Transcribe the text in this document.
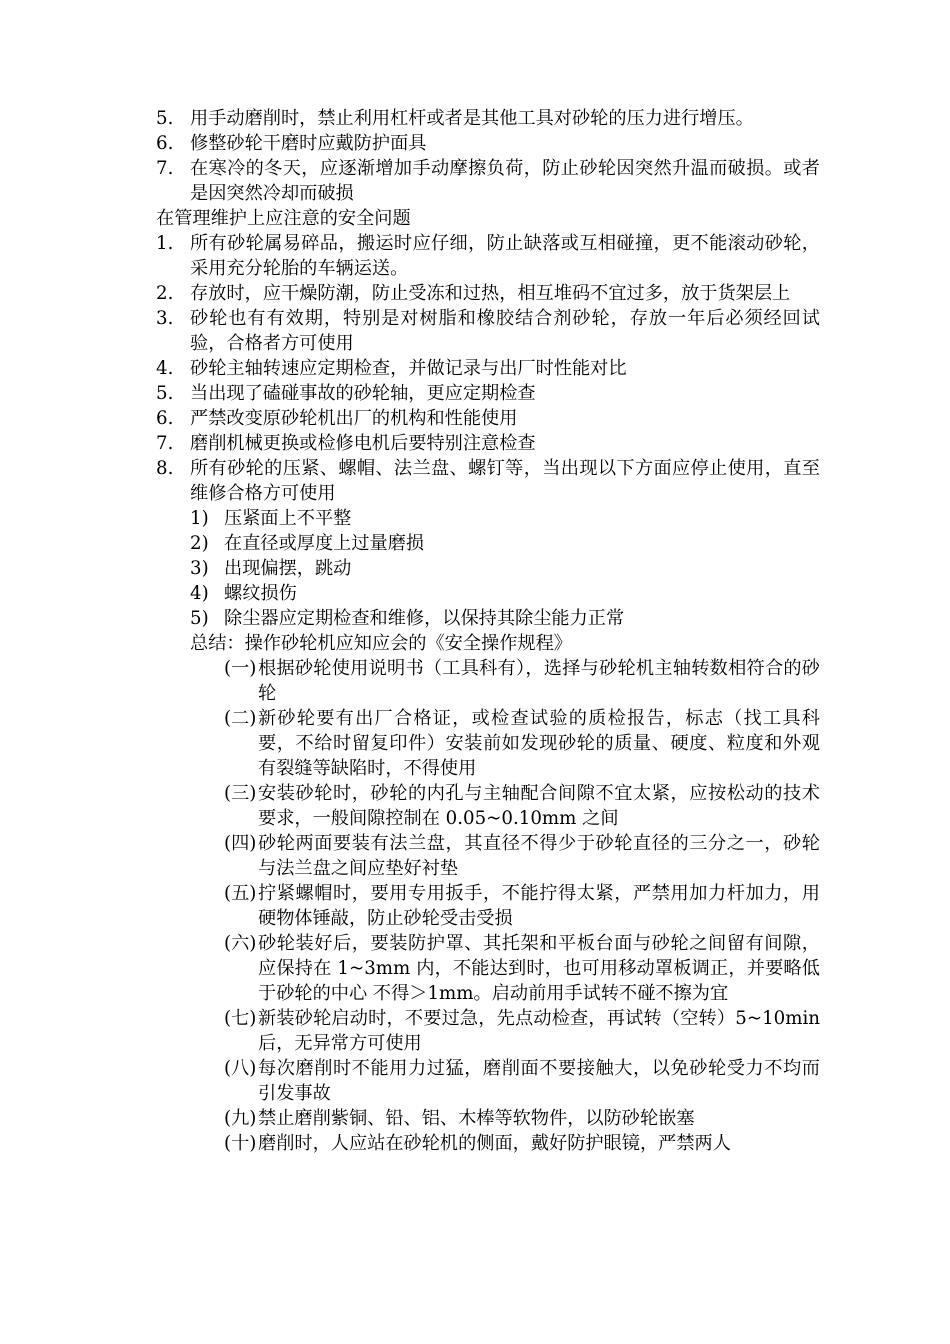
5. 用手动磨削时，禁止利用杠杆或者是其他工具对砂轮的压力进行增压。

6. 修整砂轮干磨时应戴防护面具

7. 在寒冷的冬天，应逐渐增加手动摩擦负荷，防止砂轮因突然升温而破损。或者是因突然冷却而破损

在管理维护上应注意的安全问题

1. 所有砂轮属易碎品，搬运时应仔细，防止缺落或互相碰撞，更不能滚动砂轮，采用充分轮胎的车辆运送。

2. 存放时，应干燥防潮，防止受冻和过热，相互堆码不宜过多，放于货架层上

3. 砂轮也有有效期，特别是对树脂和橡胶结合剂砂轮，存放一年后必须经回试验，合格者方可使用

4. 砂轮主轴转速应定期检查，并做记录与出厂时性能对比

5. 当出现了磕碰事故的砂轮轴，更应定期检查

6. 严禁改变原砂轮机出厂的机构和性能使用

7. 磨削机械更换或检修电机后要特别注意检查

8. 所有砂轮的压紧、螺帽、法兰盘、螺钉等，当出现以下方面应停止使用，直至维修合格方可使用

1) 压紧面上不平整

2) 在直径或厚度上过量磨损

3) 出现偏摆，跳动

4) 螺纹损伤

5) 除尘器应定期检查和维修，以保持其除尘能力正常

总结：操作砂轮机应知应会的《安全操作规程》

(一) 根据砂轮使用说明书（工具科有），选择与砂轮机主轴转数相符合的砂轮

(二) 新砂轮要有出厂合格证，或检查试验的质检报告，标志（找工具科要，不给时留复印件）安装前如发现砂轮的质量、硬度、粒度和外观有裂缝等缺陷时，不得使用

(三) 安装砂轮时，砂轮的内孔与主轴配合间隙不宜太紧，应按松动的技术要求，一般间隙控制在 0.05~0.10mm 之间

(四) 砂轮两面要装有法兰盘，其直径不得少于砂轮直径的三分之一，砂轮与法兰盘之间应垫好衬垫

(五) 拧紧螺帽时，要用专用扳手，不能拧得太紧，严禁用加力杆加力，用硬物体锤敲，防止砂轮受击受损

(六) 砂轮装好后，要装防护罩、其托架和平板台面与砂轮之间留有间隙，应保持在 1~3mm 内，不能达到时，也可用移动罩板调正，并要略低于砂轮的中心 不得＞1mm。启动前用手试转不碰不擦为宜

(七) 新装砂轮启动时，不要过急，先点动检查，再试转（空转）5~10min 后，无异常方可使用

(八) 每次磨削时不能用力过猛，磨削面不要接触大，以免砂轮受力不均而引发事故

(九) 禁止磨削紫铜、铅、铝、木棒等软物件，以防砂轮嵌塞

(十) 磨削时，人应站在砂轮机的侧面，戴好防护眼镜，严禁两人
